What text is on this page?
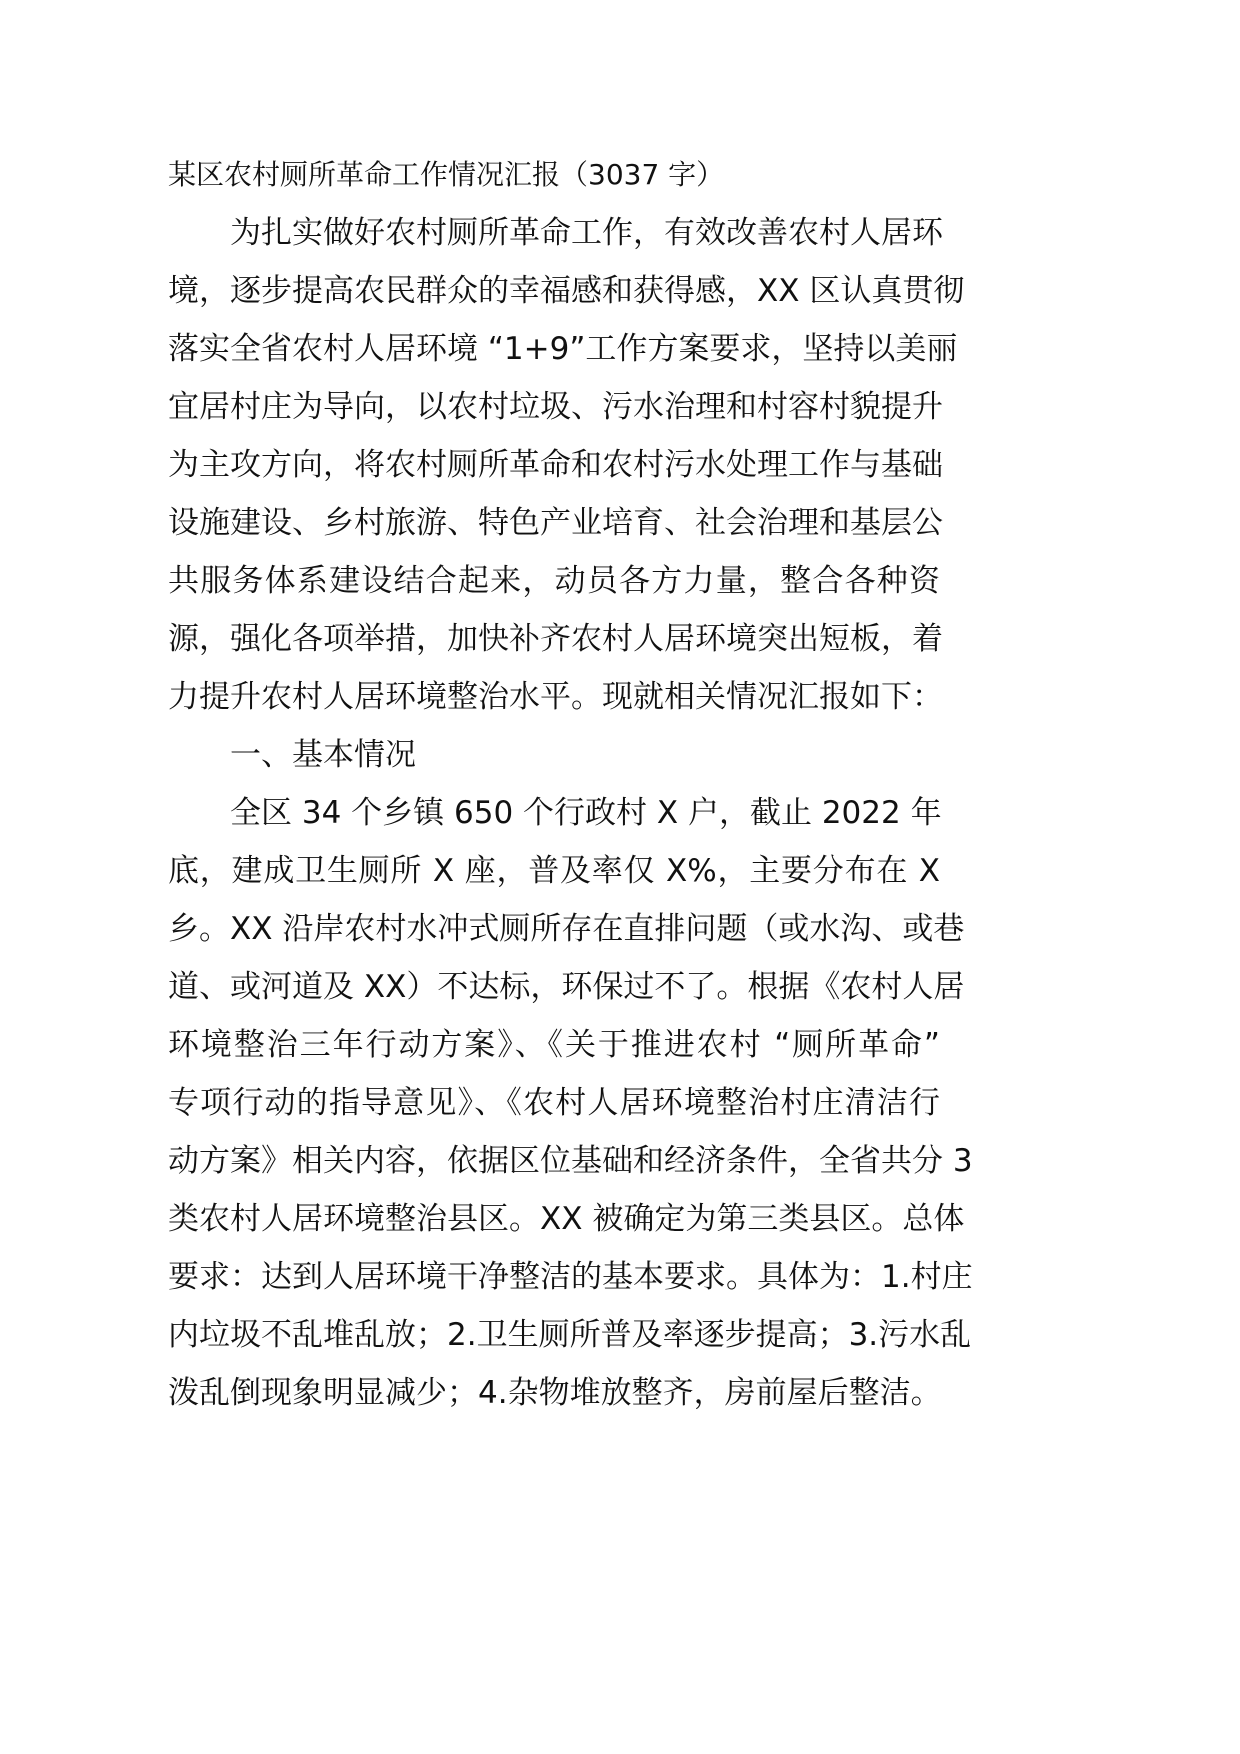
某区农村厕所革命工作情况汇报（3037 字）
为扎实做好农村厕所革命工作，有效改善农村人居环
境，逐步提高农民群众的幸福感和获得感，XX 区认真贯彻
落实全省农村人居环境 “1+9”工作方案要求，坚持以美丽
宜居村庄为导向，以农村垃圾、污水治理和村容村貌提升
为主攻方向，将农村厕所革命和农村污水处理工作与基础
设施建设、乡村旅游、特色产业培育、社会治理和基层公
共服务体系建设结合起来，动员各方力量，整合各种资
源，强化各项举措，加快补齐农村人居环境突出短板，着
力提升农村人居环境整治水平。现就相关情况汇报如下：
一、基本情况
全区 34 个乡镇 650 个行政村 X 户，截止 2022 年
底，建成卫生厕所 X 座，普及率仅 X%，主要分布在 X
乡。XX 沿岸农村水冲式厕所存在直排问题（或水沟、或巷
道、或河道及 XX）不达标，环保过不了。根据《农村人居
环境整治三年行动方案》、《关于推进农村 “厕所革命”
专项行动的指导意见》、《农村人居环境整治村庄清洁行
动方案》相关内容，依据区位基础和经济条件，全省共分 3
类农村人居环境整治县区。XX 被确定为第三类县区。总体
要求：达到人居环境干净整洁的基本要求。具体为：1.村庄
内垃圾不乱堆乱放；2.卫生厕所普及率逐步提高；3.污水乱
泼乱倒现象明显减少；4.杂物堆放整齐，房前屋后整洁。
